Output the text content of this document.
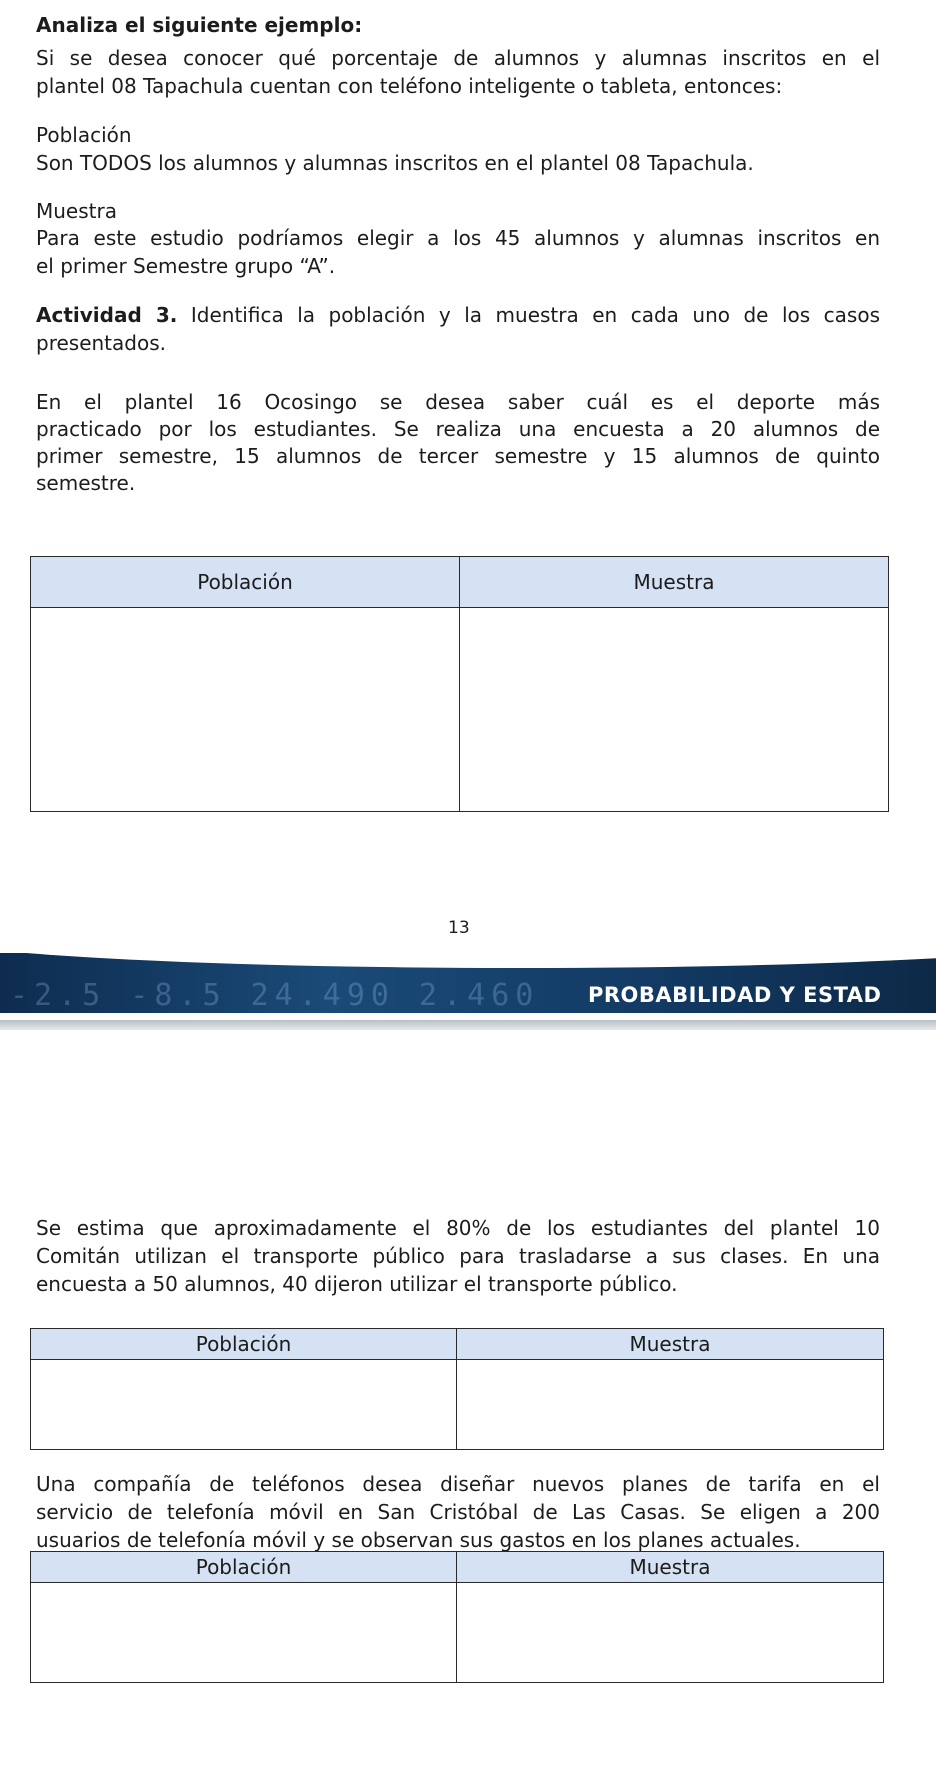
Analiza el siguiente ejemplo:

Si se desea conocer qué porcentaje de alumnos y alumnas inscritos en el

plantel 08 Tapachula cuentan con teléfono inteligente o tableta, entonces:

Población

Son TODOS los alumnos y alumnas inscritos en el plantel 08 Tapachula.

Muestra

Para este estudio podríamos elegir a los 45 alumnos y alumnas inscritos en

el primer Semestre grupo “A”.

Actividad 3. Identifica la población y la muestra en cada uno de los casos

presentados.

En el plantel 16 Ocosingo se desea saber cuál es el deporte más

practicado por los estudiantes. Se realiza una encuesta a 20 alumnos de

primer semestre, 15 alumnos de tercer semestre y 15 alumnos de quinto

semestre.

Población	Muestra

13
-2.5 -8.5 24.490 2.460 PROBABILIDAD Y ESTAD

Se estima que aproximadamente el 80% de los estudiantes del plantel 10

Comitán utilizan el transporte público para trasladarse a sus clases. En una

encuesta a 50 alumnos, 40 dijeron utilizar el transporte público.

Población	Muestra

Una compañía de teléfonos desea diseñar nuevos planes de tarifa en el

servicio de telefonía móvil en San Cristóbal de Las Casas. Se eligen a 200

usuarios de telefonía móvil y se observan sus gastos en los planes actuales.

Población	Muestra
